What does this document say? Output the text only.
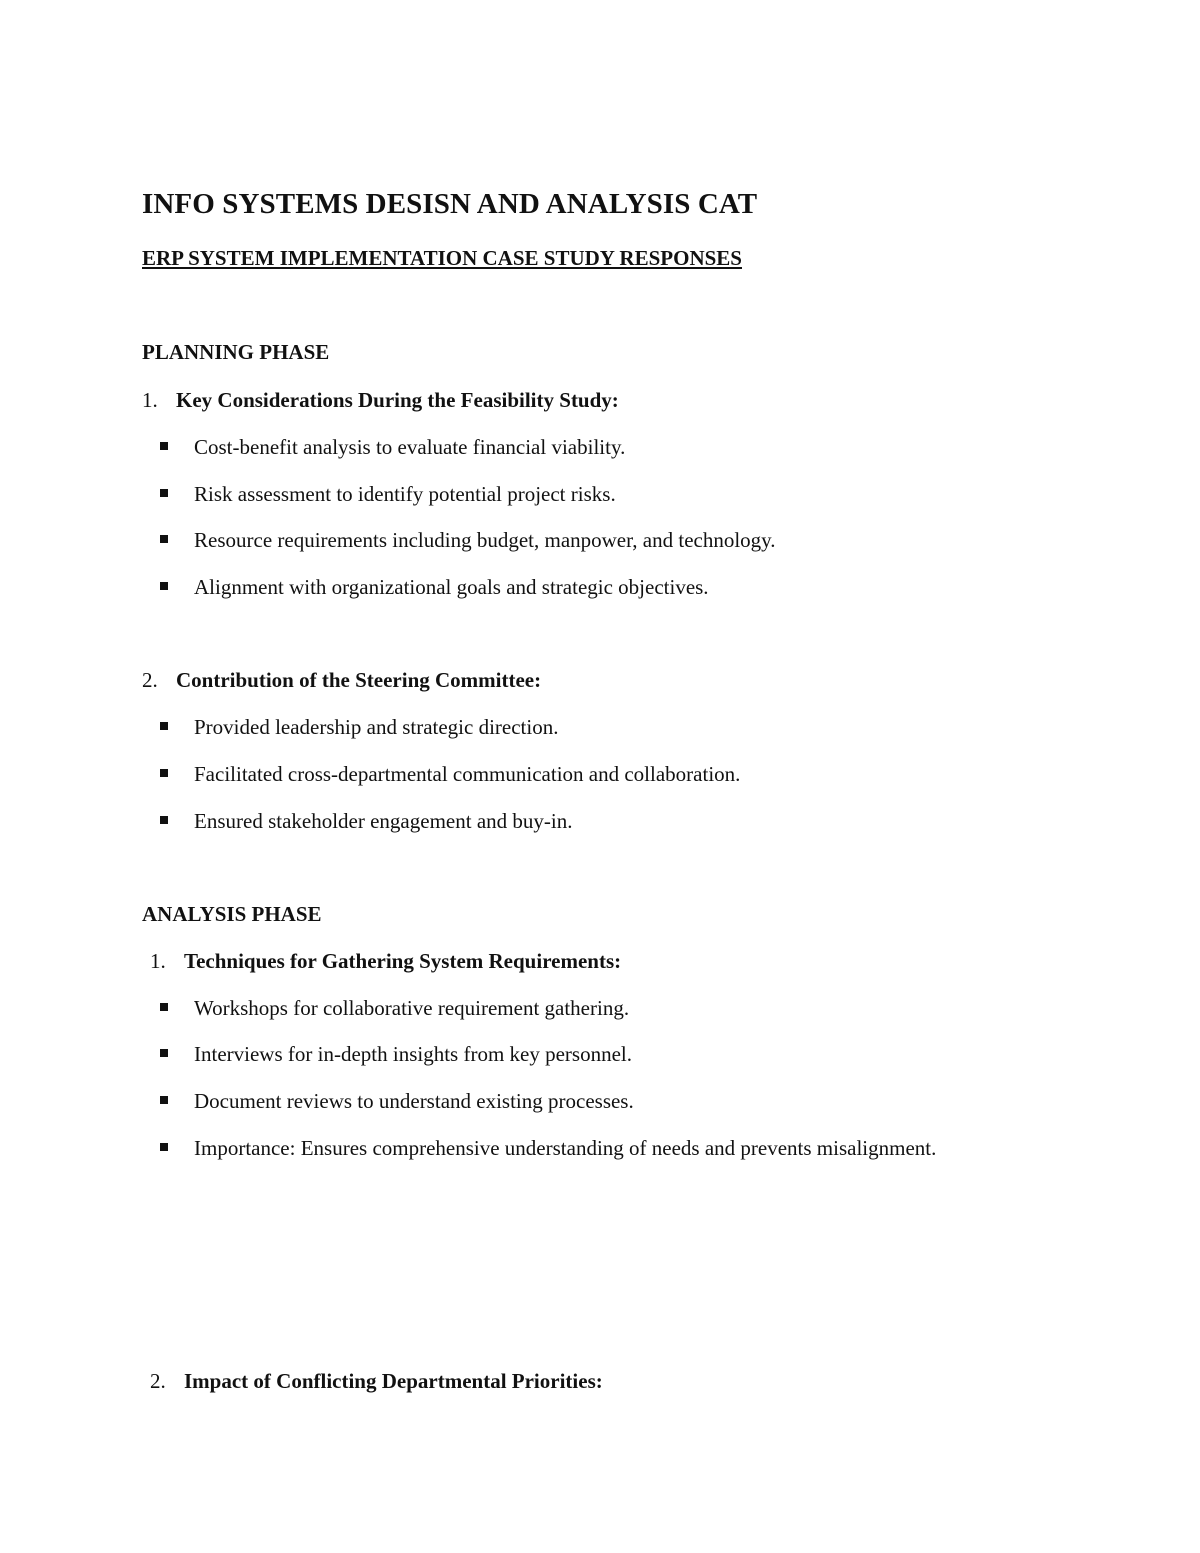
INFO SYSTEMS DESISN AND ANALYSIS CAT
ERP SYSTEM IMPLEMENTATION CASE STUDY RESPONSES
PLANNING PHASE
1. Key Considerations During the Feasibility Study:
Cost-benefit analysis to evaluate financial viability.
Risk assessment to identify potential project risks.
Resource requirements including budget, manpower, and technology.
Alignment with organizational goals and strategic objectives.
2. Contribution of the Steering Committee:
Provided leadership and strategic direction.
Facilitated cross-departmental communication and collaboration.
Ensured stakeholder engagement and buy-in.
ANALYSIS PHASE
1. Techniques for Gathering System Requirements:
Workshops for collaborative requirement gathering.
Interviews for in-depth insights from key personnel.
Document reviews to understand existing processes.
Importance: Ensures comprehensive understanding of needs and prevents misalignment.
2. Impact of Conflicting Departmental Priorities:
